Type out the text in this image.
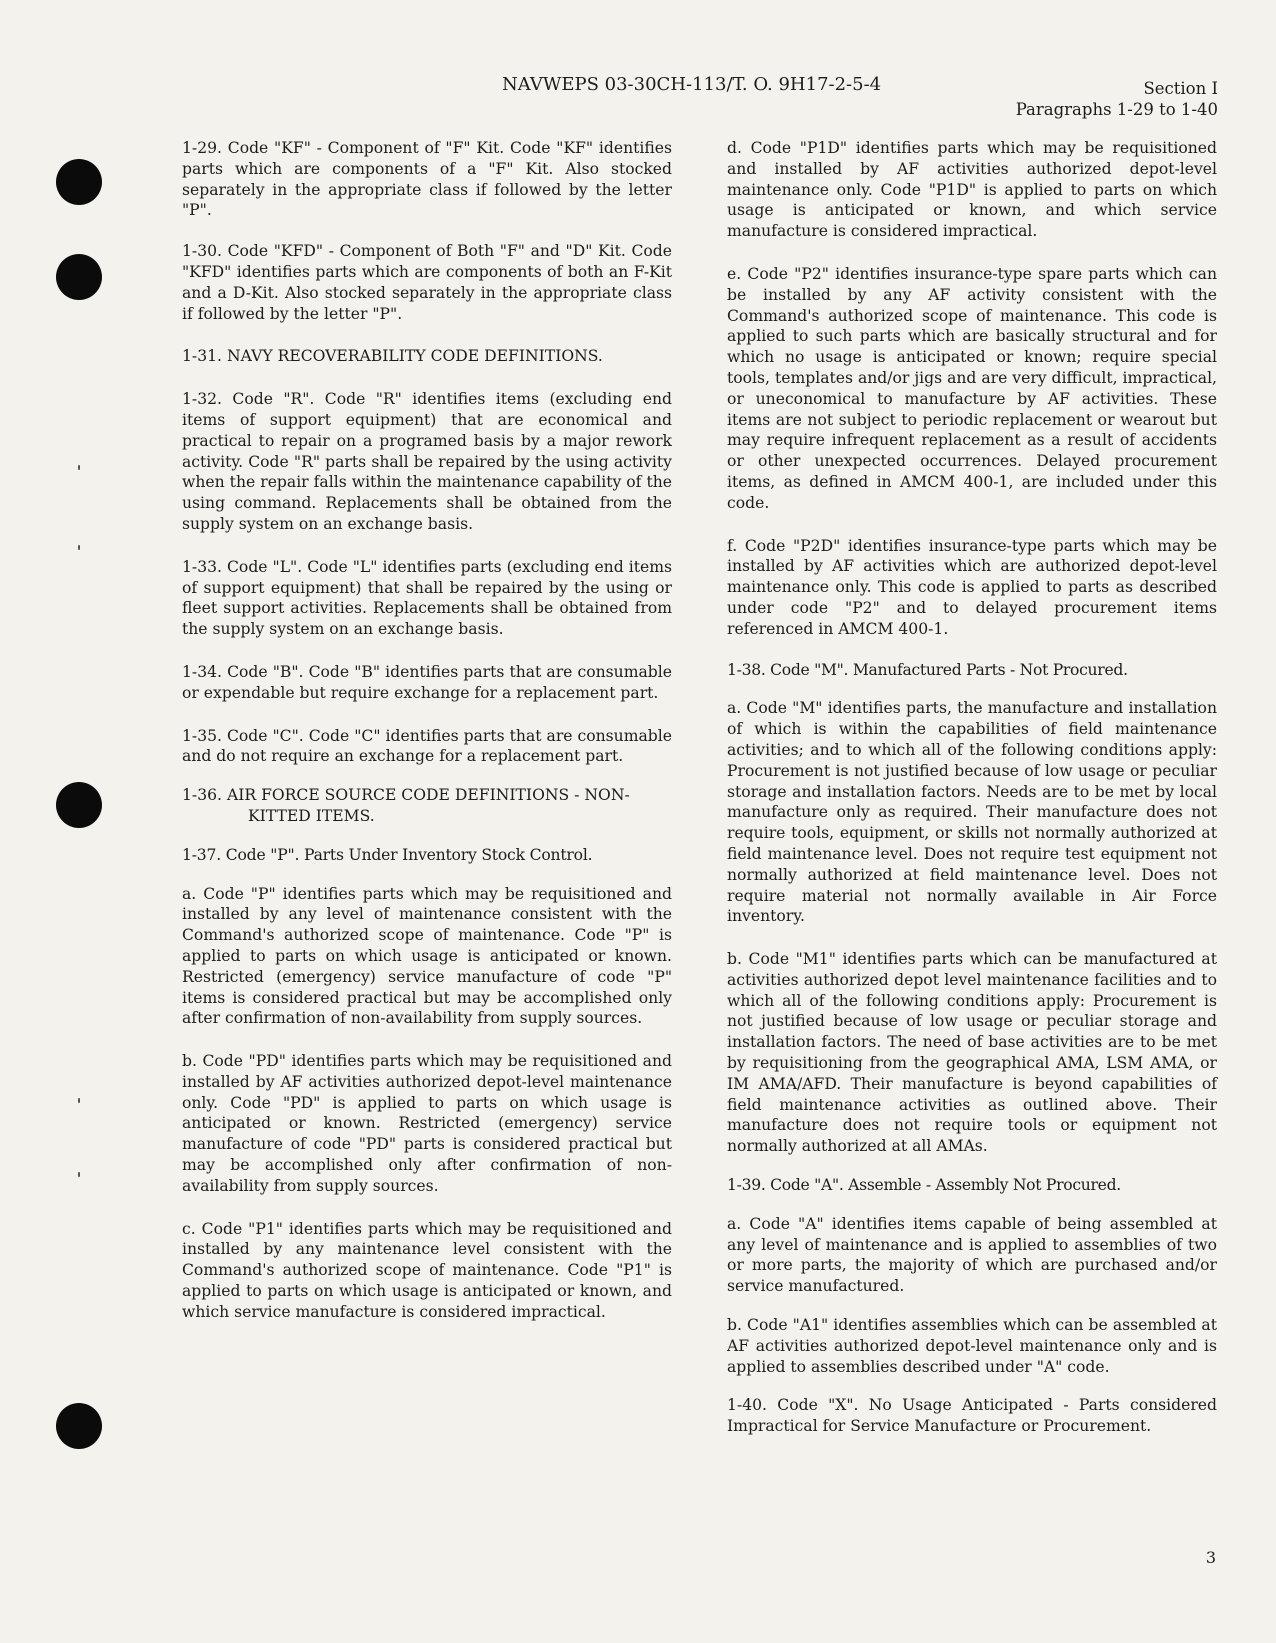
NAVWEPS 03-30CH-113/T. O. 9H17-2-5-4	Section I
Paragraphs 1-29 to 1-40

1-29. Code "KF" - Component of "F" Kit. Code "KF" identifies parts which are components of a "F" Kit. Also stocked separately in the appropriate class if followed by the letter "P".

1-30. Code "KFD" - Component of Both "F" and "D" Kit. Code "KFD" identifies parts which are components of both an F-Kit and a D-Kit. Also stocked separately in the appropriate class if followed by the letter "P".

1-31. NAVY RECOVERABILITY CODE DEFINITIONS.

1-32. Code "R". Code "R" identifies items (excluding end items of support equipment) that are economical and practical to repair on a programed basis by a major rework activity. Code "R" parts shall be repaired by the using activity when the repair falls within the maintenance capability of the using command. Replacements shall be obtained from the supply system on an exchange basis.

1-33. Code "L". Code "L" identifies parts (excluding end items of support equipment) that shall be repaired by the using or fleet support activities. Replacements shall be obtained from the supply system on an exchange basis.

1-34. Code "B". Code "B" identifies parts that are consumable or expendable but require exchange for a replacement part.

1-35. Code "C". Code "C" identifies parts that are consumable and do not require an exchange for a replacement part.

1-36. AIR FORCE SOURCE CODE DEFINITIONS - NON-KITTED ITEMS.

1-37. Code "P". Parts Under Inventory Stock Control.

a. Code "P" identifies parts which may be requisitioned and installed by any level of maintenance consistent with the Command's authorized scope of maintenance. Code "P" is applied to parts on which usage is anticipated or known. Restricted (emergency) service manufacture of code "P" items is considered practical but may be accomplished only after confirmation of non-availability from supply sources.

b. Code "PD" identifies parts which may be requisitioned and installed by AF activities authorized depot-level maintenance only. Code "PD" is applied to parts on which usage is anticipated or known. Restricted (emergency) service manufacture of code "PD" parts is considered practical but may be accomplished only after confirmation of non-availability from supply sources.

c. Code "P1" identifies parts which may be requisitioned and installed by any maintenance level consistent with the Command's authorized scope of maintenance. Code "P1" is applied to parts on which usage is anticipated or known, and which service manufacture is considered impractical.

d. Code "P1D" identifies parts which may be requisitioned and installed by AF activities authorized depot-level maintenance only. Code "P1D" is applied to parts on which usage is anticipated or known, and which service manufacture is considered impractical.

e. Code "P2" identifies insurance-type spare parts which can be installed by any AF activity consistent with the Command's authorized scope of maintenance. This code is applied to such parts which are basically structural and for which no usage is anticipated or known; require special tools, templates and/or jigs and are very difficult, impractical, or uneconomical to manufacture by AF activities. These items are not subject to periodic replacement or wearout but may require infrequent replacement as a result of accidents or other unexpected occurrences. Delayed procurement items, as defined in AMCM 400-1, are included under this code.

f. Code "P2D" identifies insurance-type parts which may be installed by AF activities which are authorized depot-level maintenance only. This code is applied to parts as described under code "P2" and to delayed procurement items referenced in AMCM 400-1.

1-38. Code "M". Manufactured Parts - Not Procured.

a. Code "M" identifies parts, the manufacture and installation of which is within the capabilities of field maintenance activities; and to which all of the following conditions apply: Procurement is not justified because of low usage or peculiar storage and installation factors. Needs are to be met by local manufacture only as required. Their manufacture does not require tools, equipment, or skills not normally authorized at field maintenance level. Does not require test equipment not normally authorized at field maintenance level. Does not require material not normally available in Air Force inventory.

b. Code "M1" identifies parts which can be manufactured at activities authorized depot level maintenance facilities and to which all of the following conditions apply: Procurement is not justified because of low usage or peculiar storage and installation factors. The need of base activities are to be met by requisitioning from the geographical AMA, LSM AMA, or IM AMA/AFD. Their manufacture is beyond capabilities of field maintenance activities as outlined above. Their manufacture does not require tools or equipment not normally authorized at all AMAs.

1-39. Code "A". Assemble - Assembly Not Procured.

a. Code "A" identifies items capable of being assembled at any level of maintenance and is applied to assemblies of two or more parts, the majority of which are purchased and/or service manufactured.

b. Code "A1" identifies assemblies which can be assembled at AF activities authorized depot-level maintenance only and is applied to assemblies described under "A" code.

1-40. Code "X". No Usage Anticipated - Parts considered Impractical for Service Manufacture or Procurement.

3
